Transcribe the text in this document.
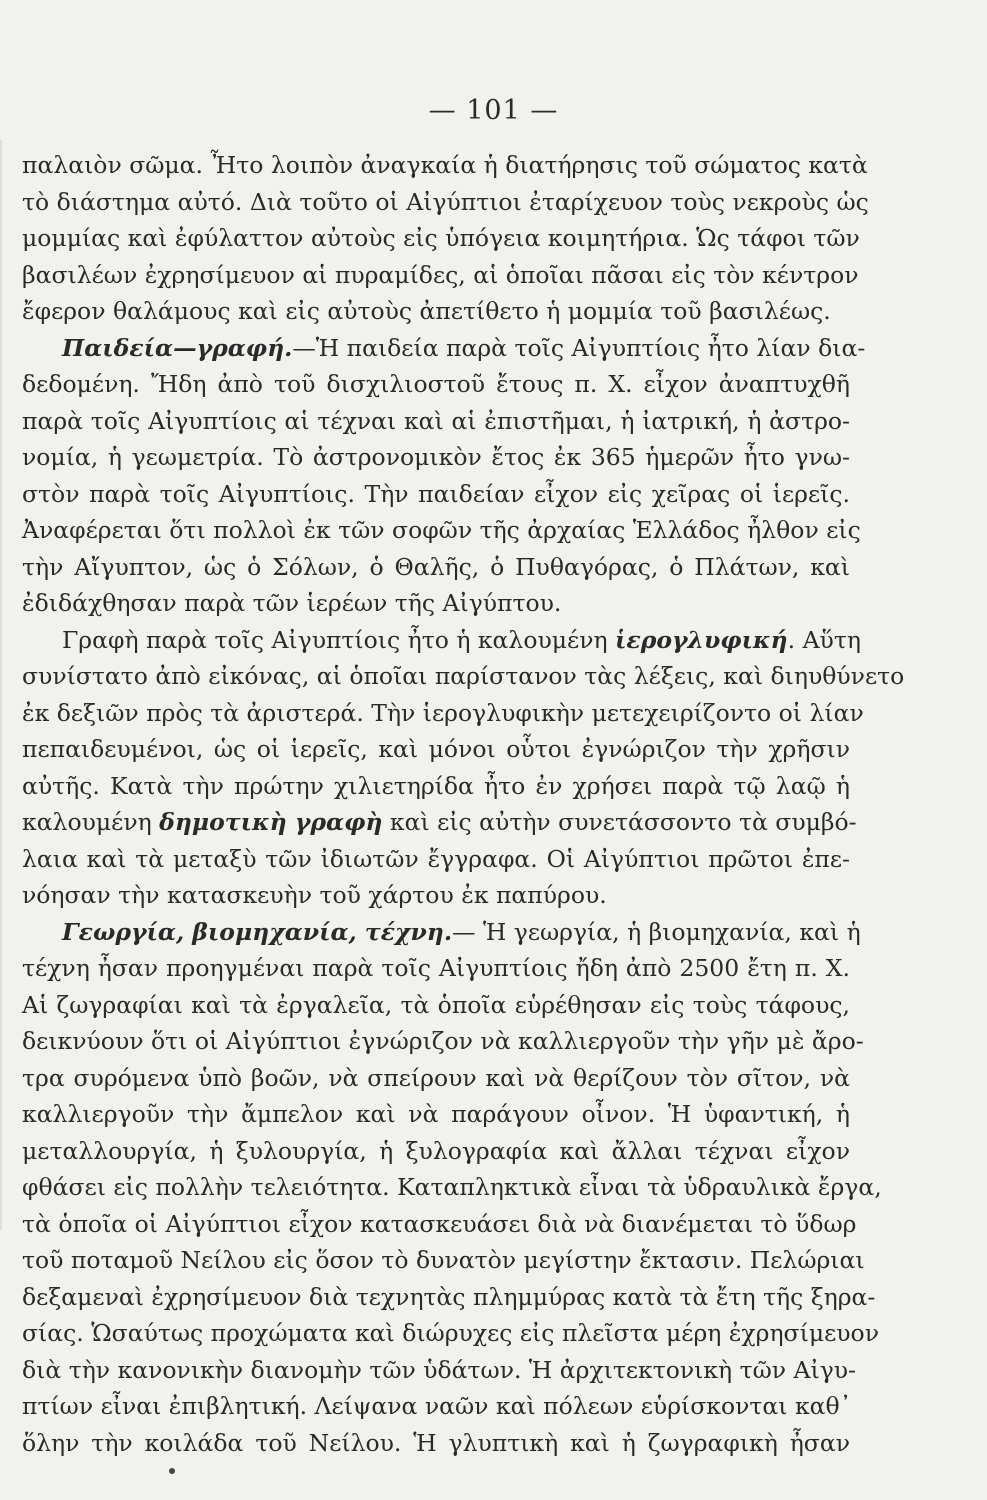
— 101 —
παλαιὸν σῶμα. Ἦτο λοιπὸν ἀναγκαία ἡ διατήρησις τοῦ σώματος κατὰ
τὸ διάστημα αὐτό. Διὰ τοῦτο οἱ Αἰγύπτιοι ἐταρίχευον τοὺς νεκροὺς ὡς
μομμίας καὶ ἐφύλαττον αὐτοὺς εἰς ὑπόγεια κοιμητήρια. Ὡς τάφοι τῶν
βασιλέων ἐχρησίμευον αἱ πυραμίδες, αἱ ὁποῖαι πᾶσαι εἰς τὸν κέντρον
ἔφερον θαλάμους καὶ εἰς αὐτοὺς ἀπετίθετο ἡ μομμία τοῦ βασιλέως.
Παιδεία—γραφή.—Ἡ παιδεία παρὰ τοῖς Αἰγυπτίοις ἦτο λίαν δια-
δεδομένη. Ἤδη ἀπὸ τοῦ δισχιλιοστοῦ ἔτους π. Χ. εἶχον ἀναπτυχθῆ
παρὰ τοῖς Αἰγυπτίοις αἱ τέχναι καὶ αἱ ἐπιστῆμαι, ἡ ἰατρική, ἡ ἀστρο-
νομία, ἡ γεωμετρία. Τὸ ἀστρονομικὸν ἔτος ἐκ 365 ἡμερῶν ἦτο γνω-
στὸν παρὰ τοῖς Αἰγυπτίοις. Τὴν παιδείαν εἶχον εἰς χεῖρας οἱ ἱερεῖς.
Ἀναφέρεται ὅτι πολλοὶ ἐκ τῶν σοφῶν τῆς ἀρχαίας Ἑλλάδος ἦλθον εἰς
τὴν Αἴγυπτον, ὡς ὁ Σόλων, ὁ Θαλῆς, ὁ Πυθαγόρας, ὁ Πλάτων, καὶ
ἐδιδάχθησαν παρὰ τῶν ἱερέων τῆς Αἰγύπτου.
Γραφὴ παρὰ τοῖς Αἰγυπτίοις ἦτο ἡ καλουμένη ἱερογλυφική. Αὕτη
συνίστατο ἀπὸ εἰκόνας, αἱ ὁποῖαι παρίστανον τὰς λέξεις, καὶ διηυθύνετο
ἐκ δεξιῶν πρὸς τὰ ἀριστερά. Τὴν ἱερογλυφικὴν μετεχειρίζοντο οἱ λίαν
πεπαιδευμένοι, ὡς οἱ ἱερεῖς, καὶ μόνοι οὗτοι ἐγνώριζον τὴν χρῆσιν
αὐτῆς. Κατὰ τὴν πρώτην χιλιετηρίδα ἦτο ἐν χρήσει παρὰ τῷ λαῷ ἡ
καλουμένη δημοτικὴ γραφὴ καὶ εἰς αὐτὴν συνετάσσοντο τὰ συμβό-
λαια καὶ τὰ μεταξὺ τῶν ἰδιωτῶν ἔγγραφα. Οἱ Αἰγύπτιοι πρῶτοι ἐπε-
νόησαν τὴν κατασκευὴν τοῦ χάρτου ἐκ παπύρου.
Γεωργία, βιομηχανία, τέχνη.— Ἡ γεωργία, ἡ βιομηχανία, καὶ ἡ
τέχνη ἦσαν προηγμέναι παρὰ τοῖς Αἰγυπτίοις ἤδη ἀπὸ 2500 ἔτη π. Χ.
Αἱ ζωγραφίαι καὶ τὰ ἐργαλεῖα, τὰ ὁποῖα εὑρέθησαν εἰς τοὺς τάφους,
δεικνύουν ὅτι οἱ Αἰγύπτιοι ἐγνώριζον νὰ καλλιεργοῦν τὴν γῆν μὲ ἄρο-
τρα συρόμενα ὑπὸ βοῶν, νὰ σπείρουν καὶ νὰ θερίζουν τὸν σῖτον, νὰ
καλλιεργοῦν τὴν ἄμπελον καὶ νὰ παράγουν οἶνον. Ἡ ὑφαντική, ἡ
μεταλλουργία, ἡ ξυλουργία, ἡ ξυλογραφία καὶ ἄλλαι τέχναι εἶχον
φθάσει εἰς πολλὴν τελειότητα. Καταπληκτικὰ εἶναι τὰ ὑδραυλικὰ ἔργα,
τὰ ὁποῖα οἱ Αἰγύπτιοι εἶχον κατασκευάσει διὰ νὰ διανέμεται τὸ ὕδωρ
τοῦ ποταμοῦ Νείλου εἰς ὅσον τὸ δυνατὸν μεγίστην ἔκτασιν. Πελώριαι
δεξαμεναὶ ἐχρησίμευον διὰ τεχνητὰς πλημμύρας κατὰ τὰ ἔτη τῆς ξηρα-
σίας. Ὡσαύτως προχώματα καὶ διώρυχες εἰς πλεῖστα μέρη ἐχρησίμευον
διὰ τὴν κανονικὴν διανομὴν τῶν ὑδάτων. Ἡ ἀρχιτεκτονικὴ τῶν Αἰγυ-
πτίων εἶναι ἐπιβλητική. Λείψανα ναῶν καὶ πόλεων εὑρίσκονται καθ᾿
ὅλην τὴν κοιλάδα τοῦ Νείλου. Ἡ γλυπτικὴ καὶ ἡ ζωγραφικὴ ἦσαν
